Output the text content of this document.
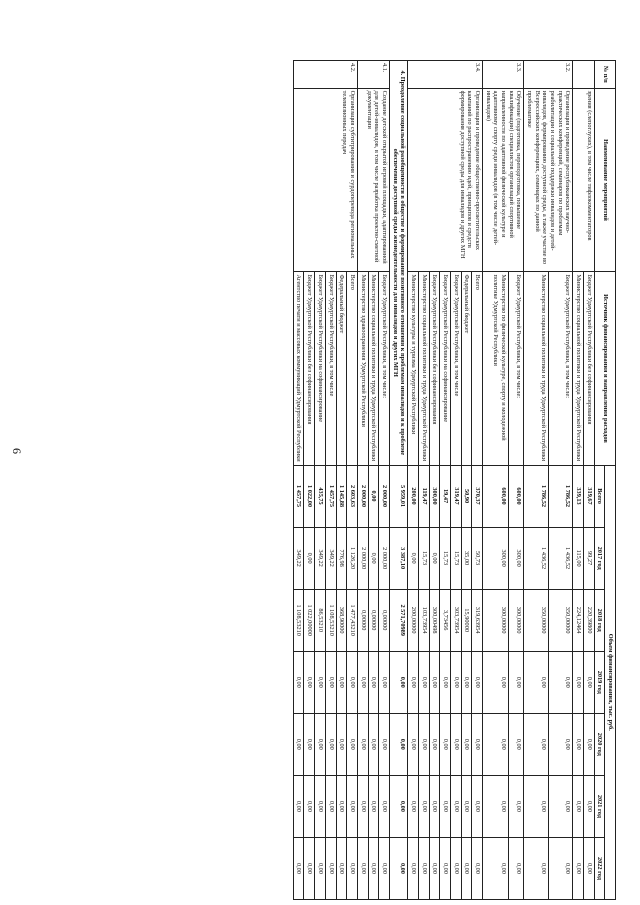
6
№ п/п	Наименование мероприятий	Источник финансирования и направления расходов	Объем финансирования, тыс. руб.						
			Всего	2017 год	2018 год	2019 год	2020 год	2021 год	2022 год
	зрения (слепоглухих), в том числе тифлокомментаторов	Бюджет Удмуртской Республики без софинансирования	319,67	99,27	220,39800	0,00	0,00	0,00	0,00
		Министерство социальной политики и труда Удмуртской Республики	339,13	115,00	224,12464	0,00	0,00	0,00	0,00
3.2.	Организация и проведение республиканских научно-практических конференций, семинаров по проблемам реабилитации и социальной поддержки инвалидов и детей-инвалидов, формированию доступной среды, а также участие во Всероссийских конференциях, семинарах по данной проблематике	Бюджет Удмуртской Республики, в том числе:	1 786,52	1 436,52	350,00000	0,00	0,00	0,00	0,00
		Министерство социальной политики и труда Удмуртской Республики	1 786,52	1 436,52	350,00000	0,00	0,00	0,00	0,00
3.3.	Обучение (подготовка, переподготовка, повышение квалификации) специалистов организаций спортивной направленности по адаптивной физической культуре и адаптивному спорту среди инвалидов (в том числе детей-инвалидов)	Бюджет Удмуртской Республики, в том числе:	600,00	300,00	300,00000	0,00	0,00	0,00	0,00
		Министерство по физической культуре, спорту и молодежной политике Удмуртской Республики	600,00	300,00	300,00000	0,00	0,00	0,00	0,00
3.4.	Организация и проведение общественно-просветительских кампаний по распространению идей, принципов и средств формирования доступной среды для инвалидов и других МГН	Всего	370,37	50,73	319,63954	0,00	0,00	0,00	0,00
		Федеральный бюджет	50,90	35,00	15,90000	0,00	0,00	0,00	0,00
		Бюджет Удмуртской Республики, в том числе	319,47	15,73	303,73954	0,00	0,00	0,00	0,00
		Бюджет Удмуртской Республики на софинансирование	19,47	15,73	3,73456	0,00	0,00	0,00	0,00
		Бюджет Удмуртской Республики без софинансирования	300,00	0,00	300,00498	0,00	0,00	0,00	0,00
		Министерство социальной политики и труда Удмуртской Республики	119,47	15,73	103,73954	0,00	0,00	0,00	0,00
		Министерство культуры и туризма Удмуртской Республики	200,00	0,00	200,00000	0,00	0,00	0,00	0,00
4. Преодоление социальной разобщенности в обществе и формирование позитивного отношения к проблемам инвалидов и к проблеме обеспечения доступной среды жизнедеятельности для инвалидов и других МГН			5 959,01	3 387,10	2 571,70989	0,00	0,00	0,00	0,00
4.1.	Создание детской открытой игровой площадки, адаптированной для детей-инвалидов, в том числе разработка проектно-сметной документации	Бюджет Удмуртской Республики, в том числе:	2 000,00	2 000,00	0,00000	0,00	0,00	0,00	0,00
		Министерство социальной политики и труда Удмуртской Республики	0,00	0,00	0,00000	0,00	0,00	0,00	0,00
		Министерство здравоохранения Удмуртской Республики	2 000,00	2 000,00	0,00000	0,00	0,00	0,00	0,00
4.2.	Организация субтитрирования и сурдоперевода региональных телевизионных передач	Всего	2 603,63	1 126,20	1 477,43210	0,00	0,00	0,00	0,00
		Федеральный бюджет	1 145,88	776,98	368,90000	0,00	0,00	0,00	0,00
		Бюджет Удмуртской Республики, в том числе	1 457,75	349,22	1 108,53210	0,00	0,00	0,00	0,00
		Бюджет Удмуртской Республики на софинансирование	435,75	349,22	86,53210	0,00	0,00	0,00	0,00
		Бюджет Удмуртской Республики без софинансирования	1 022,00	0,00	1 022,00000	0,00	0,00	0,00	0,00
		Агентство печати и массовых коммуникаций Удмуртской Республики	1 457,75	349,22	1 108,53210	0,00	0,00	0,00	0,00
